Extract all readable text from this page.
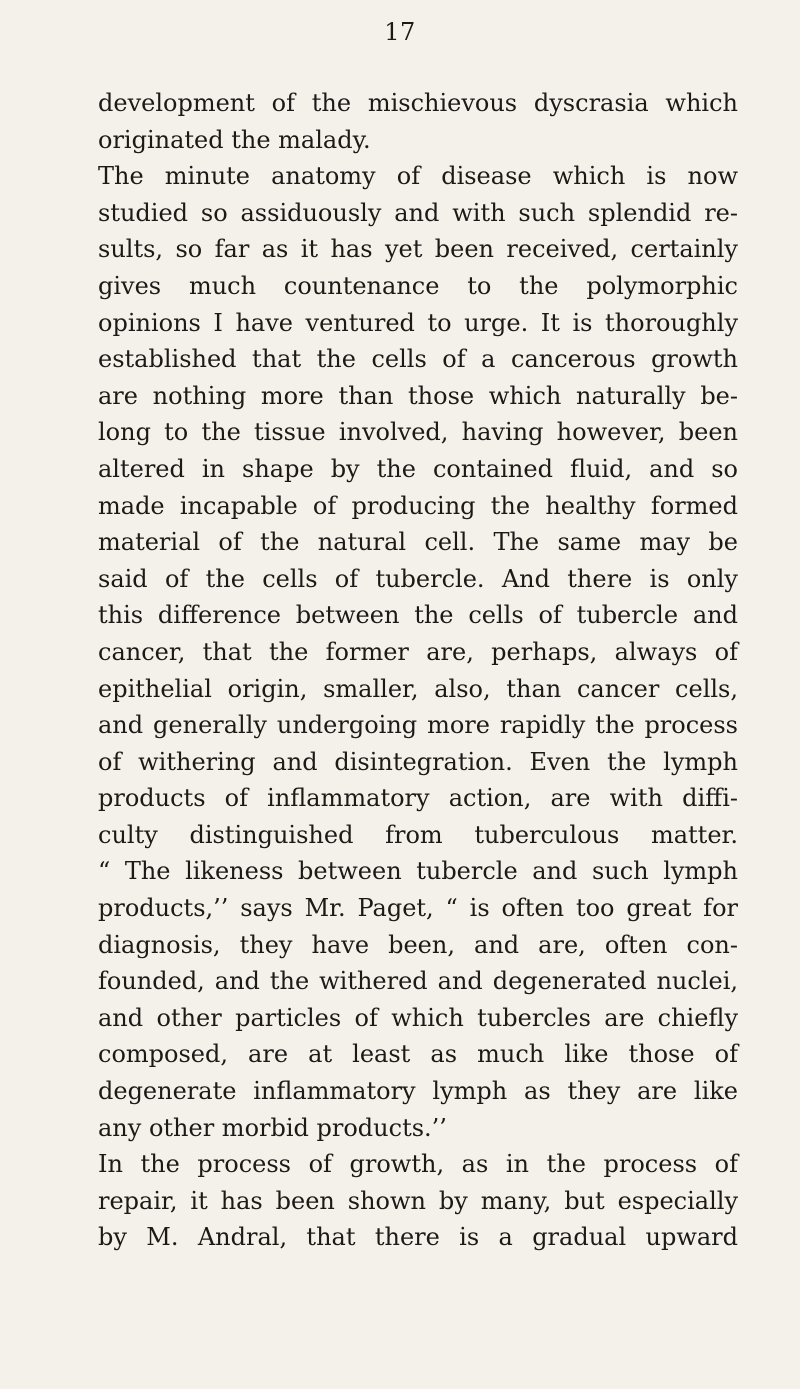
17
development of the mischievous dyscrasia which
originated the malady.
The minute anatomy of disease which is now
studied so assiduously and with such splendid re-
sults, so far as it has yet been received, certainly
gives much countenance to the polymorphic
opinions I have ventured to urge. It is thoroughly
established that the cells of a cancerous growth
are nothing more than those which naturally be-
long to the tissue involved, having however, been
altered in shape by the contained fluid, and so
made incapable of producing the healthy formed
material of the natural cell. The same may be
said of the cells of tubercle. And there is only
this difference between the cells of tubercle and
cancer, that the former are, perhaps, always of
epithelial origin, smaller, also, than cancer cells,
and generally undergoing more rapidly the process
of withering and disintegration. Even the lymph
products of inflammatory action, are with diffi-
culty distinguished from tuberculous matter.
“ The likeness between tubercle and such lymph
products,’’ says Mr. Paget, “ is often too great for
diagnosis, they have been, and are, often con-
founded, and the withered and degenerated nuclei,
and other particles of which tubercles are chiefly
composed, are at least as much like those of
degenerate inflammatory lymph as they are like
any other morbid products.’’
In the process of growth, as in the process of
repair, it has been shown by many, but especially
by M. Andral, that there is a gradual upward
